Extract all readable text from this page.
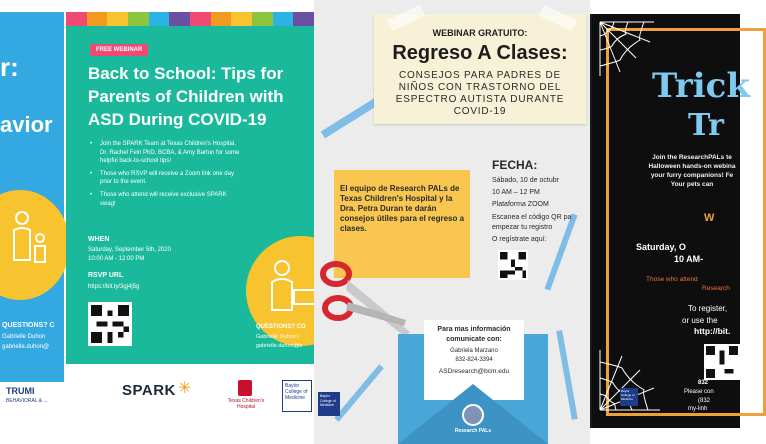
r:
avior
QUESTIONS? C
Gabrielle Duhon
gabrielle.duhon@
TRUMI
BEHAVIORAL & ...
FREE WEBINAR
Back to School: Tips for Parents of Children with ASD During COVID-19
• Join the SPARK Team at Texas Children's Hospital, Dr. Rachel Fein PhD, BCBA, & Amy Barton for some helpful back-to-school tips!
• Those who RSVP will receive a Zoom link one day prior to the event.
• Those who attend will receive exclusive SPARK swag!
WHEN
Saturday, September 5th, 2020
10:00 AM - 12:00 PM
RSVP URL
https://bit.ly/3gj4j5g
QUESTIONS? CO
Gabrielle Duhon |
gabrielle.duhon@b
SPARK ✳
Texas Children's Hospital
Baylor College of Medicine
WEBINAR GRATUITO:
Regreso A Clases:
CONSEJOS PARA PADRES DE
NIÑOS CON TRASTORNO DEL
ESPECTRO AUTISTA DURANTE
COVID-19
El equipo de Research PALs de Texas Children's Hospital y la Dra. Petra Duran te darán consejos útiles para el regreso a clases.
FECHA:
Sábado, 10 de octubr
10 AM – 12 PM
Plataforma ZOOM
Escanea el código QR pa
empezar tu registro
O regístrate aquí:
Para mas información
comunicate con:
Gabriela Marzano
832-824-3394
ASDresearch@bcm.edu
Research PALs
Baylor College of Medicine
Trick
Tr
Join the ResearchPALs te
Halloween hands-on webina
your furry companions! Fe
Your pets can
W
Saturday, O
10 AM-
Those who attend
Research
To register,
or use the
http://bit.
832
Please con
(832
my-linh
Baylor College of Medicine
